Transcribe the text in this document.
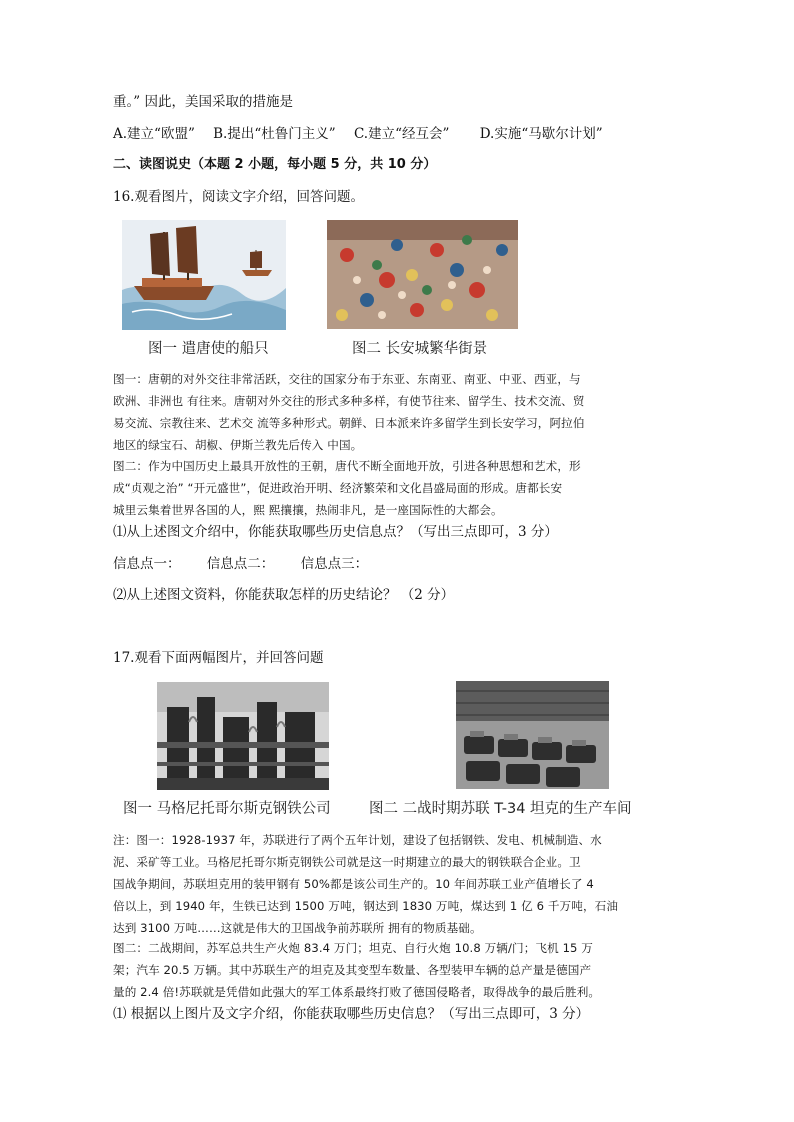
重。” 因此，美国采取的措施是
A.建立“欧盟” B.提出“杜鲁门主义” C.建立“经互会” D.实施“马歇尔计划”
二、读图说史（本题 2 小题，每小题 5 分，共 10 分）
16.观看图片，阅读文字介绍，回答问题。
图一 遣唐使的船只	图二 长安城繁华街景

图一：唐朝的对外交往非常活跃，交往的国家分布于东亚、东南亚、南亚、中亚、西亚，与

欧洲、非洲也 有往来。唐朝对外交往的形式多种多样，有使节往来、留学生、技术交流、贸

易交流、宗教往来、艺术交 流等多种形式。朝鲜、日本派来许多留学生到长安学习，阿拉伯

地区的绿宝石、胡椒、伊斯兰教先后传入 中国。

图二：作为中国历史上最具开放性的王朝，唐代不断全面地开放，引进各种思想和艺术，形

成“贞观之治” “开元盛世”，促进政治开明、经济繁荣和文化昌盛局面的形成。唐都长安

城里云集着世界各国的人，熙 熙攘攘，热闹非凡，是一座国际性的大都会。

⑴从上述图文介绍中，你能获取哪些历史信息点？（写出三点即可，3 分）
信息点一： 信息点二： 信息点三：
⑵从上述图文资料，你能获取怎样的历史结论？ （2 分）
17.观看下面两幅图片，并回答问题
图一 马格尼托哥尔斯克钢铁公司	图二 二战时期苏联 T-34 坦克的生产车间

注：图一：1928-1937 年，苏联进行了两个五年计划，建设了包括钢铁、发电、机械制造、水

泥、采矿等工业。马格尼托哥尔斯克钢铁公司就是这一时期建立的最大的钢铁联合企业。卫

国战争期间，苏联坦克用的装甲钢有 50%都是该公司生产的。10 年间苏联工业产值增长了 4

倍以上，到 1940 年，生铁已达到 1500 万吨，钢达到 1830 万吨，煤达到 1 亿 6 千万吨，石油

达到 3100 万吨……这就是伟大的卫国战争前苏联所 拥有的物质基础。

图二：二战期间，苏军总共生产火炮 83.4 万门；坦克、自行火炮 10.8 万辆/门；飞机 15 万

架；汽车 20.5 万辆。其中苏联生产的坦克及其变型车数量、各型装甲车辆的总产量是德国产

量的 2.4 倍!苏联就是凭借如此强大的军工体系最终打败了德国侵略者，取得战争的最后胜利。

⑴ 根据以上图片及文字介绍，你能获取哪些历史信息？（写出三点即可，3 分）
